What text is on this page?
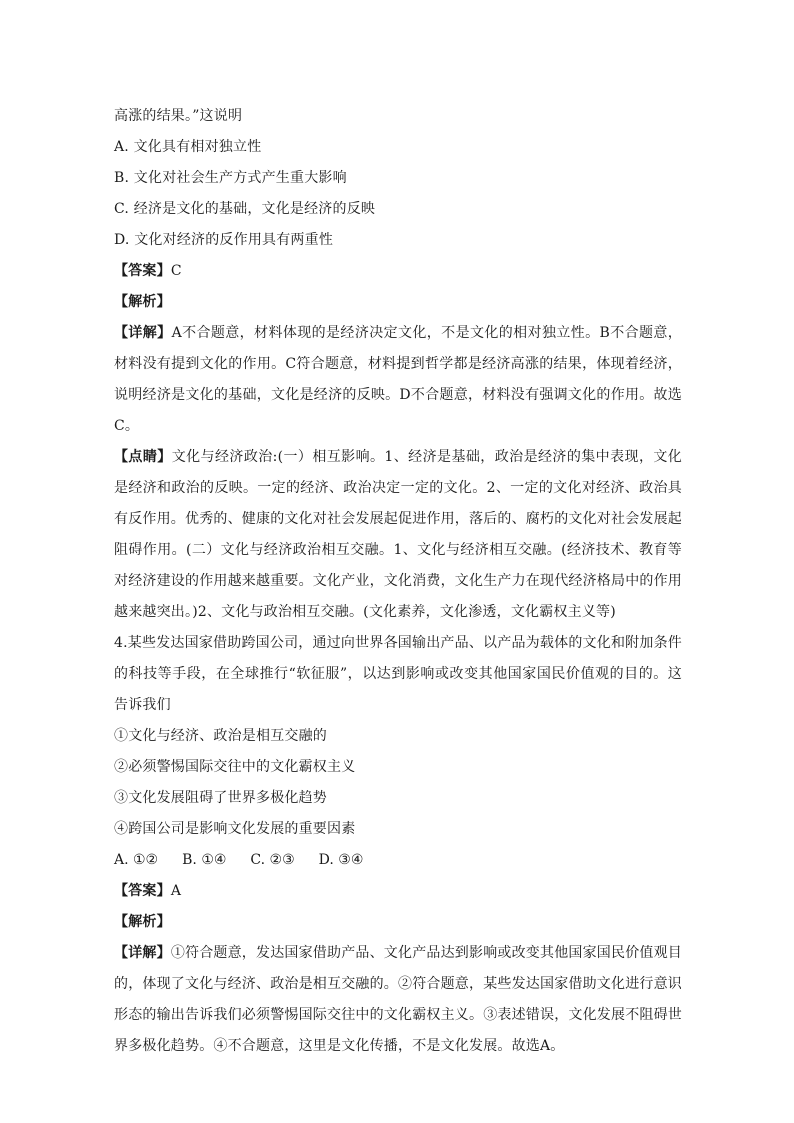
高涨的结果。”这说明
A. 文化具有相对独立性
B. 文化对社会生产方式产生重大影响
C. 经济是文化的基础，文化是经济的反映
D. 文化对经济的反作用具有两重性
【答案】C
【解析】
【详解】A不合题意，材料体现的是经济决定文化，不是文化的相对独立性。B不合题意，材料没有提到文化的作用。C符合题意，材料提到哲学都是经济高涨的结果，体现着经济，说明经济是文化的基础，文化是经济的反映。D不合题意，材料没有强调文化的作用。故选C。
【点睛】文化与经济政治:(一）相互影响。1、经济是基础，政治是经济的集中表现，文化是经济和政治的反映。一定的经济、政治决定一定的文化。2、一定的文化对经济、政治具有反作用。优秀的、健康的文化对社会发展起促进作用，落后的、腐朽的文化对社会发展起阻碍作用。(二）文化与经济政治相互交融。1、文化与经济相互交融。(经济技术、教育等对经济建设的作用越来越重要。文化产业，文化消费，文化生产力在现代经济格局中的作用越来越突出。)2、文化与政治相互交融。(文化素养，文化渗透，文化霸权主义等)
4.某些发达国家借助跨国公司，通过向世界各国输出产品、以产品为载体的文化和附加条件的科技等手段，在全球推行“软征服”，以达到影响或改变其他国家国民价值观的目的。这告诉我们
①文化与经济、政治是相互交融的
②必须警惕国际交往中的文化霸权主义
③文化发展阻碍了世界多极化趋势
④跨国公司是影响文化发展的重要因素
A. ①② B. ①④ C. ②③ D. ③④
【答案】A
【解析】
【详解】①符合题意，发达国家借助产品、文化产品达到影响或改变其他国家国民价值观目的，体现了文化与经济、政治是相互交融的。②符合题意，某些发达国家借助文化进行意识形态的输出告诉我们必须警惕国际交往中的文化霸权主义。③表述错误，文化发展不阻碍世界多极化趋势。④不合题意，这里是文化传播，不是文化发展。故选A。
